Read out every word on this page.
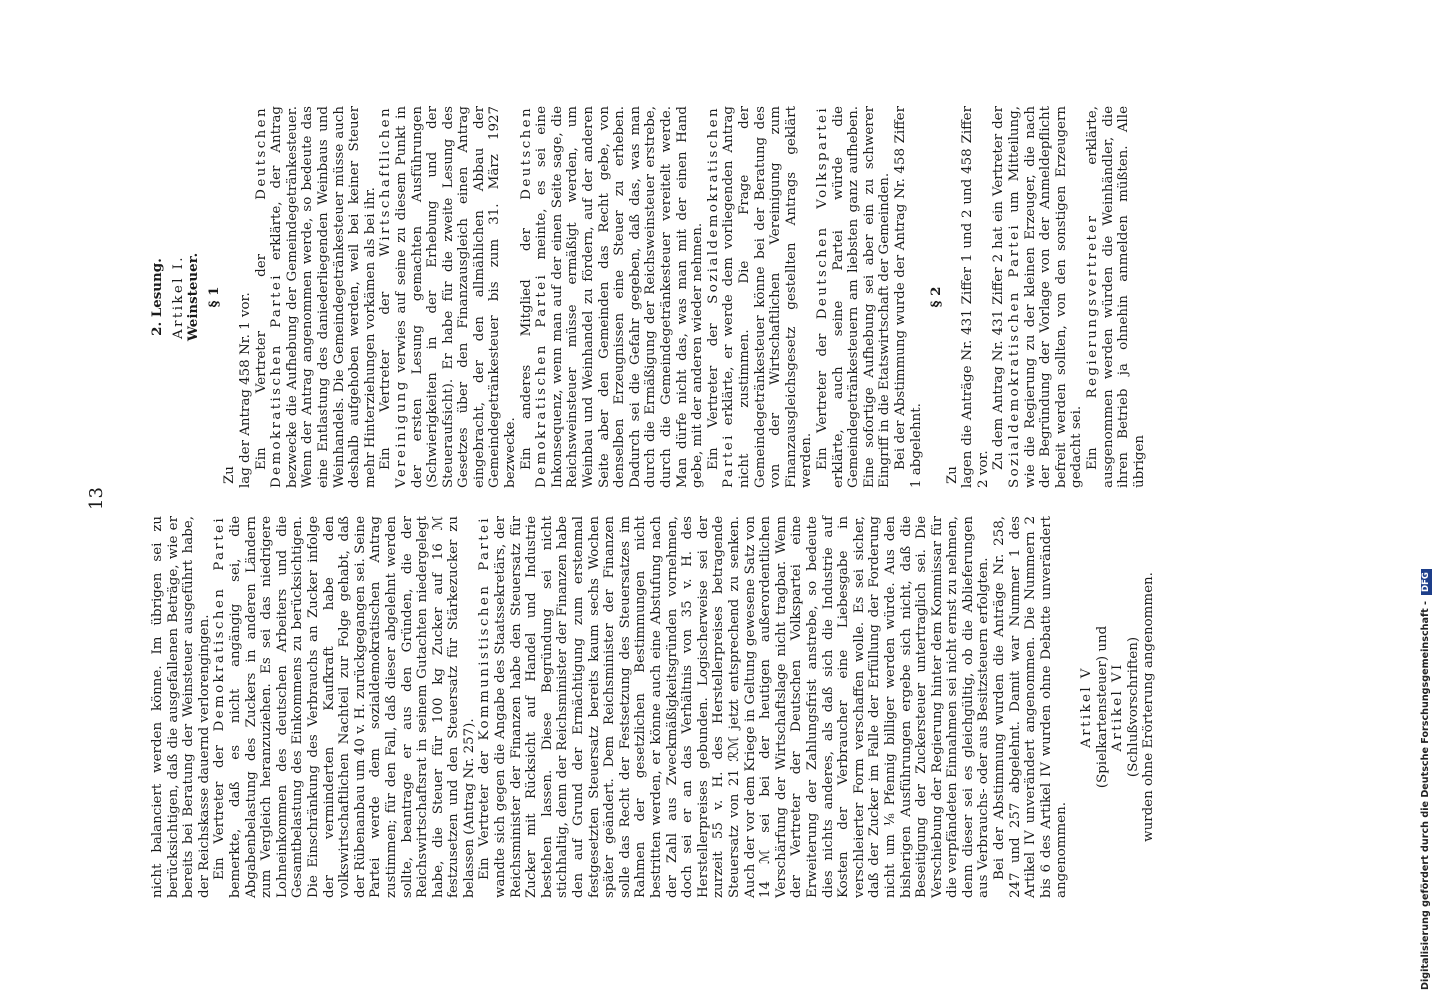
13

nicht balanciert werden könne. Im übrigen sei zu berücksichtigen, daß die ausgefallenen Beträge, wie er bereits bei Beratung der Weinsteuer ausgeführt habe, der Reichskasse dauernd verlorengingen. Ein Vertreter der Demokratischen Partei bemerkte, daß es nicht angängig sei, die Abgabenbelastung des Zuckers in anderen Ländern zum Vergleich heranzuziehen. Es sei das niedrigere Lohneinkommen des deutschen Arbeiters und die Gesamtbelastung des Einkommens zu berücksichtigen. Die Einschränkung des Verbrauchs an Zucker infolge der verminderten Kaufkraft habe den volkswirtschaftlichen Nachteil zur Folge gehabt, daß der Rübenanbau um 40 v. H. zurückgegangen sei. Seine Partei werde dem sozialdemokratischen Antrag zustimmen; für den Fall, daß dieser abgelehnt werden sollte, beantrage er aus den Gründen, die der Reichswirtschaftsrat in seinem Gutachten niedergelegt habe, die Steuer für 100 kg Zucker auf 16 ℳ festzusetzen und den Steuersatz für Stärkezucker zu belassen (Antrag Nr. 257). Ein Vertreter der Kommunistischen Partei wandte sich gegen die Angabe des Staatssekretärs, der Reichsminister der Finanzen habe den Steuersatz für Zucker mit Rücksicht auf Handel und Industrie bestehen lassen. Diese Begründung sei nicht stichhaltig, denn der Reichsminister der Finanzen habe den auf Grund der Ermächtigung zum erstenmal festgesetzten Steuersatz bereits kaum sechs Wochen später geändert. Dem Reichsminister der Finanzen solle das Recht der Festsetzung des Steuersatzes im Rahmen der gesetzlichen Bestimmungen nicht bestritten werden, er könne auch eine Abstufung nach der Zahl aus Zweckmäßigkeitsgründen vornehmen, doch sei er an das Verhältnis von 35 v. H. des Herstellerpreises gebunden. Logischerweise sei der zurzeit 55 v. H. des Herstellerpreises betragende Steuersatz von 21 ℛℳ jetzt entsprechend zu senken. Auch der vor dem Kriege in Geltung gewesene Satz von 14 ℳ sei bei der heutigen außerordentlichen Verschärfung der Wirtschaftslage nicht tragbar. Wenn der Vertreter der Deutschen Volkspartei eine Erweiterung der Zahlungsfrist anstrebe, so bedeute dies nichts anderes, als daß sich die Industrie auf Kosten der Verbraucher eine Liebesgabe in verschleierter Form verschaffen wolle. Es sei sicher, daß der Zucker im Falle der Erfüllung der Forderung nicht um ⅛ Pfennig billiger werden würde. Aus den bisherigen Ausführungen ergebe sich nicht, daß die Beseitigung der Zuckersteuer untertraglich sei. Die Verschiebung der Regierung hinter dem Kommissar für die verpfändeten Einnahmen sei nicht ernst zu nehmen, denn dieser sei es gleichgültig, ob die Ablieferungen aus Verbrauchs- oder aus Besitzsteuern erfolgten. Bei der Abstimmung wurden die Anträge Nr. 258, 247 und 257 abgelehnt. Damit war Nummer 1 des Artikel IV unverändert angenommen. Die Nummern 2 bis 6 des Artikel IV wurden ohne Debatte unverändert angenommen.

Artikel V (Spielkartensteuer) und Artikel VI (Schlußvorschriften) wurden ohne Erörterung angenommen.

2. Lesung. Artikel I. Weinsteuer. § 1

Zu lag der Antrag 458 Nr. 1 vor. Ein Vertreter der Deutschen Demokratischen Partei erklärte, der Antrag bezwecke die Aufhebung der Gemeindegetränkesteuer. Wenn der Antrag angenommen werde, so bedeute das eine Entlastung des daniederliegenden Weinbaus und Weinhandels. Die Gemeindegetränkesteuer müsse auch deshalb aufgehoben werden, weil bei keiner Steuer mehr Hinterziehungen vorkämen als bei ihr. Ein Vertreter der Wirtschaftlichen Vereinigung verwies auf seine zu diesem Punkt in der ersten Lesung gemachten Ausführungen (Schwierigkeiten in der Erhebung und der Steueraufsicht). Er habe für die zweite Lesung des Gesetzes über den Finanzausgleich einen Antrag eingebracht, der den allmählichen Abbau der Gemeindegetränkesteuer bis zum 31. März 1927 bezwecke. Ein anderes Mitglied der Deutschen Demokratischen Partei meinte, es sei eine Inkonsequenz, wenn man auf der einen Seite sage, die Reichsweinsteuer müsse ermäßigt werden, um Weinbau und Weinhandel zu fördern, auf der anderen Seite aber den Gemeinden das Recht gebe, von denselben Erzeugnissen eine Steuer zu erheben. Dadurch sei die Gefahr gegeben, daß das, was man durch die Ermäßigung der Reichsweinsteuer erstrebe, durch die Gemeindegetränkesteuer vereitelt werde. Man dürfe nicht das, was man mit der einen Hand gebe, mit der anderen wieder nehmen. Ein Vertreter der Sozialdemokratischen Partei erklärte, er werde dem vorliegenden Antrag nicht zustimmen. Die Frage der Gemeindegetränkesteuer könne bei der Beratung des von der Wirtschaftlichen Vereinigung zum Finanzausgleichsgesetz gestellten Antrags geklärt werden. Ein Vertreter der Deutschen Volkspartei erklärte, auch seine Partei würde die Gemeindegetränkesteuern am liebsten ganz aufheben. Eine sofortige Aufhebung sei aber ein zu schwerer Eingriff in die Etatswirtschaft der Gemeinden. Bei der Abstimmung wurde der Antrag Nr. 458 Ziffer 1 abgelehnt.

§ 2

Zu lagen die Anträge Nr. 431 Ziffer 1 und 2 und 458 Ziffer 2 vor. Zu dem Antrag Nr. 431 Ziffer 2 hat ein Vertreter der Sozialdemokratischen Partei um Mitteilung, wie die Regierung zu der kleinen Erzeuger, die nach der Begründung der Vorlage von der Anmeldepflicht befreit werden sollten, von den sonstigen Erzeugern gedacht sei. Ein Regierungsvertreter erklärte, ausgenommen werden würden die Weinhändler, die ihren Betrieb ja ohnehin anmelden müßten. Alle übrigen

Digitalisierung gefördert durch die Deutsche Forschungsgemeinschaft -DFG
